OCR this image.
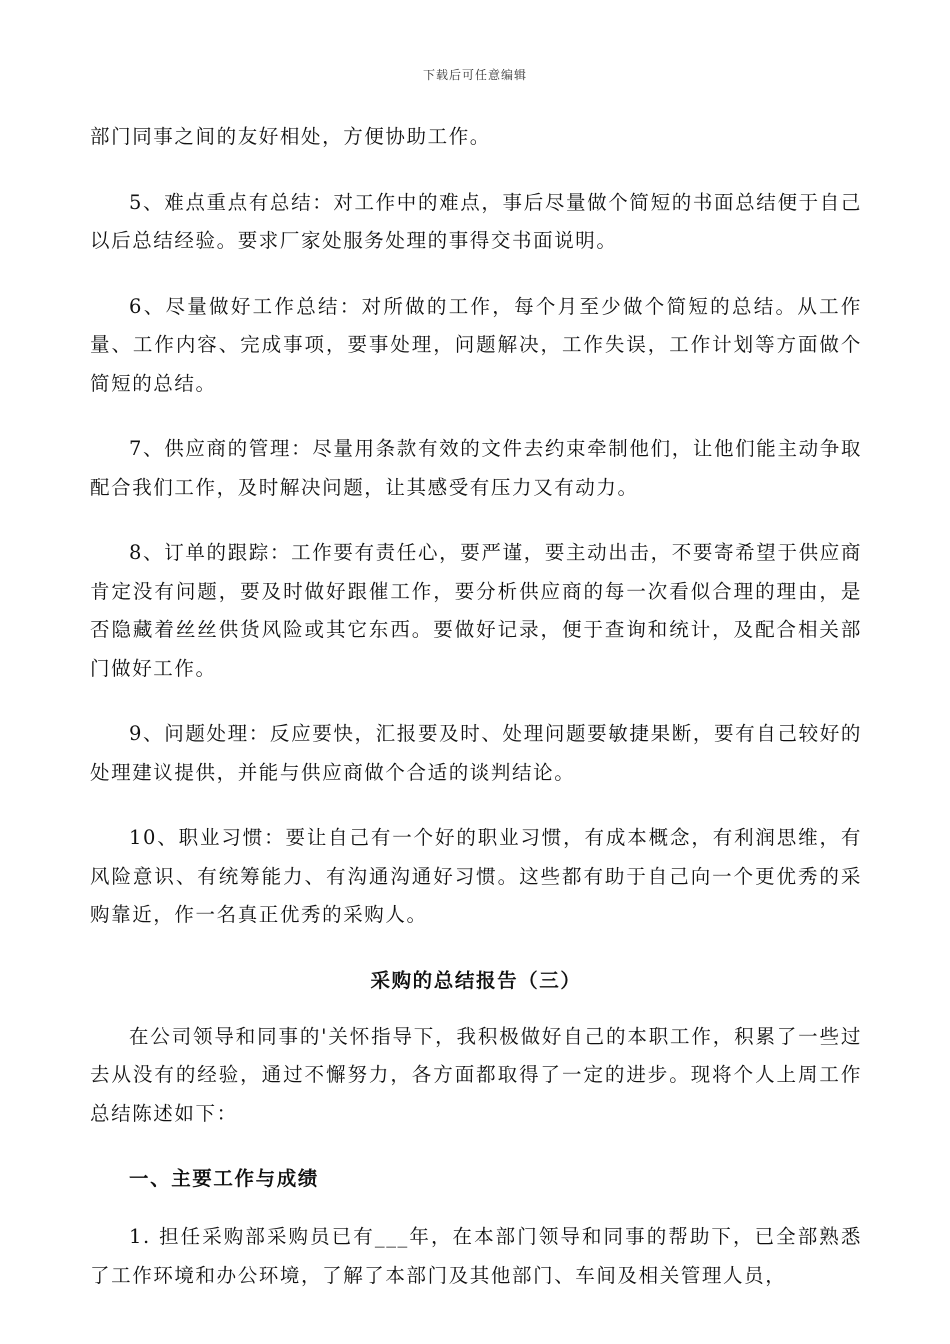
下载后可任意编辑

部门同事之间的友好相处，方便协助工作。

5、难点重点有总结：对工作中的难点，事后尽量做个简短的书面总结便于自己以后总结经验。要求厂家处服务处理的事得交书面说明。

6、尽量做好工作总结：对所做的工作，每个月至少做个简短的总结。从工作量、工作内容、完成事项，要事处理，问题解决，工作失误，工作计划等方面做个简短的总结。

7、供应商的管理：尽量用条款有效的文件去约束牵制他们，让他们能主动争取配合我们工作，及时解决问题，让其感受有压力又有动力。

8、订单的跟踪：工作要有责任心，要严谨，要主动出击，不要寄希望于供应商肯定没有问题，要及时做好跟催工作，要分析供应商的每一次看似合理的理由，是否隐藏着丝丝供货风险或其它东西。要做好记录，便于查询和统计，及配合相关部门做好工作。

9、问题处理：反应要快，汇报要及时、处理问题要敏捷果断，要有自己较好的处理建议提供，并能与供应商做个合适的谈判结论。

10、职业习惯：要让自己有一个好的职业习惯，有成本概念，有利润思维，有风险意识、有统筹能力、有沟通沟通好习惯。这些都有助于自己向一个更优秀的采购靠近，作一名真正优秀的采购人。

采购的总结报告（三）

在公司领导和同事的'关怀指导下，我积极做好自己的本职工作，积累了一些过去从没有的经验，通过不懈努力，各方面都取得了一定的进步。现将个人上周工作总结陈述如下：

一、主要工作与成绩

1. 担任采购部采购员已有___年，在本部门领导和同事的帮助下，已全部熟悉了工作环境和办公环境，了解了本部门及其他部门、车间及相关管理人员，
